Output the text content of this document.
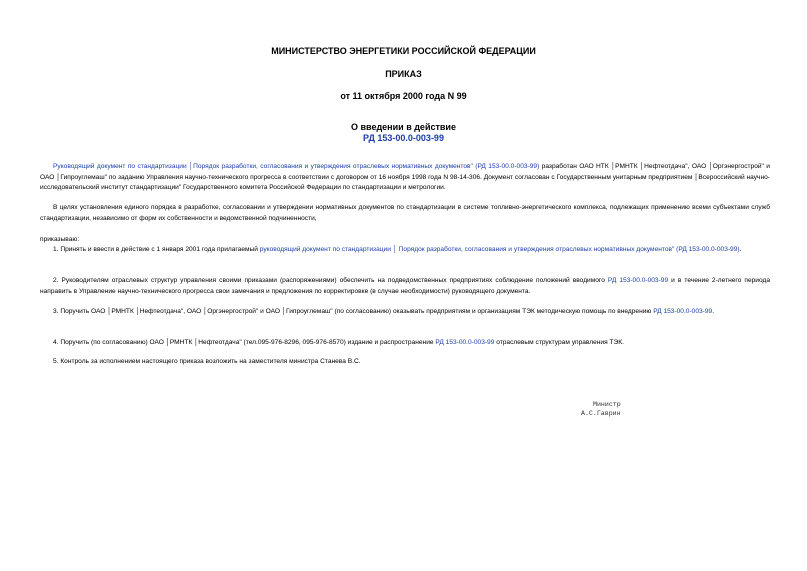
МИНИСТЕРСТВО ЭНЕРГЕТИКИ РОССИЙСКОЙ ФЕДЕРАЦИИ
ПРИКАЗ
от 11 октября 2000 года N 99
О введении в действие
РД 153-00.0-003-99
Руководящий документ по стандартизации │Порядок разработки, согласования и утверждения отраслевых нормативных документов" (РД 153-00.0-003-99) разработан ОАО НТК │РМНТК │Нефтеотдача", ОАО │Оргэнергострой" и ОАО │Гипроуглемаш" по заданию Управления научно-технического прогресса в соответствии с договором от 16 ноября 1998 года N 98-14-306. Документ согласован с Государственным унитарным предприятием │Всероссийский научно-исследовательский институт стандартизации" Государственного комитета Российской Федерации по стандартизации и метрологии.
В целях установления единого порядка в разработке, согласовании и утверждении нормативных документов по стандартизации в системе топливно-энергетического комплекса, подлежащих применению всеми субъектами служб стандартизации, независимо от форм их собственности и ведомственной подчиненности,
приказываю:
1. Принять и ввести в действие с 1 января 2001 года прилагаемый руководящий документ по стандартизации │ Порядок разработки, согласования и утверждения отраслевых нормативных документов" (РД 153-00.0-003-99).
2. Руководителям отраслевых структур управления своими приказами (распоряжениями) обеспечить на подведомственных предприятиях соблюдение положений вводимого РД 153-00.0-003-99 и в течение 2-летнего периода направить в Управление научно-технического прогресса свои замечания и предложения по корректировке (в случае необходимости) руководящего документа.
3. Поручить ОАО │РМНТК │Нефтеотдача", ОАО │Оргэнергострой" и ОАО │Гипроуглемаш" (по согласованию) оказывать предприятиям и организациям ТЭК методическую помощь по внедрению РД 153-00.0-003-99.
4. Поручить (по согласованию) ОАО │РМНТК │Нефтеотдача" (тел.095-976-8296, 095-976-8570) издание и распространение РД 153-00.0-003-99 отраслевым структурам управления ТЭК.
5. Контроль за исполнением настоящего приказа возложить на заместителя министра Станева В.С.
Министр
А.С.Гаврин
